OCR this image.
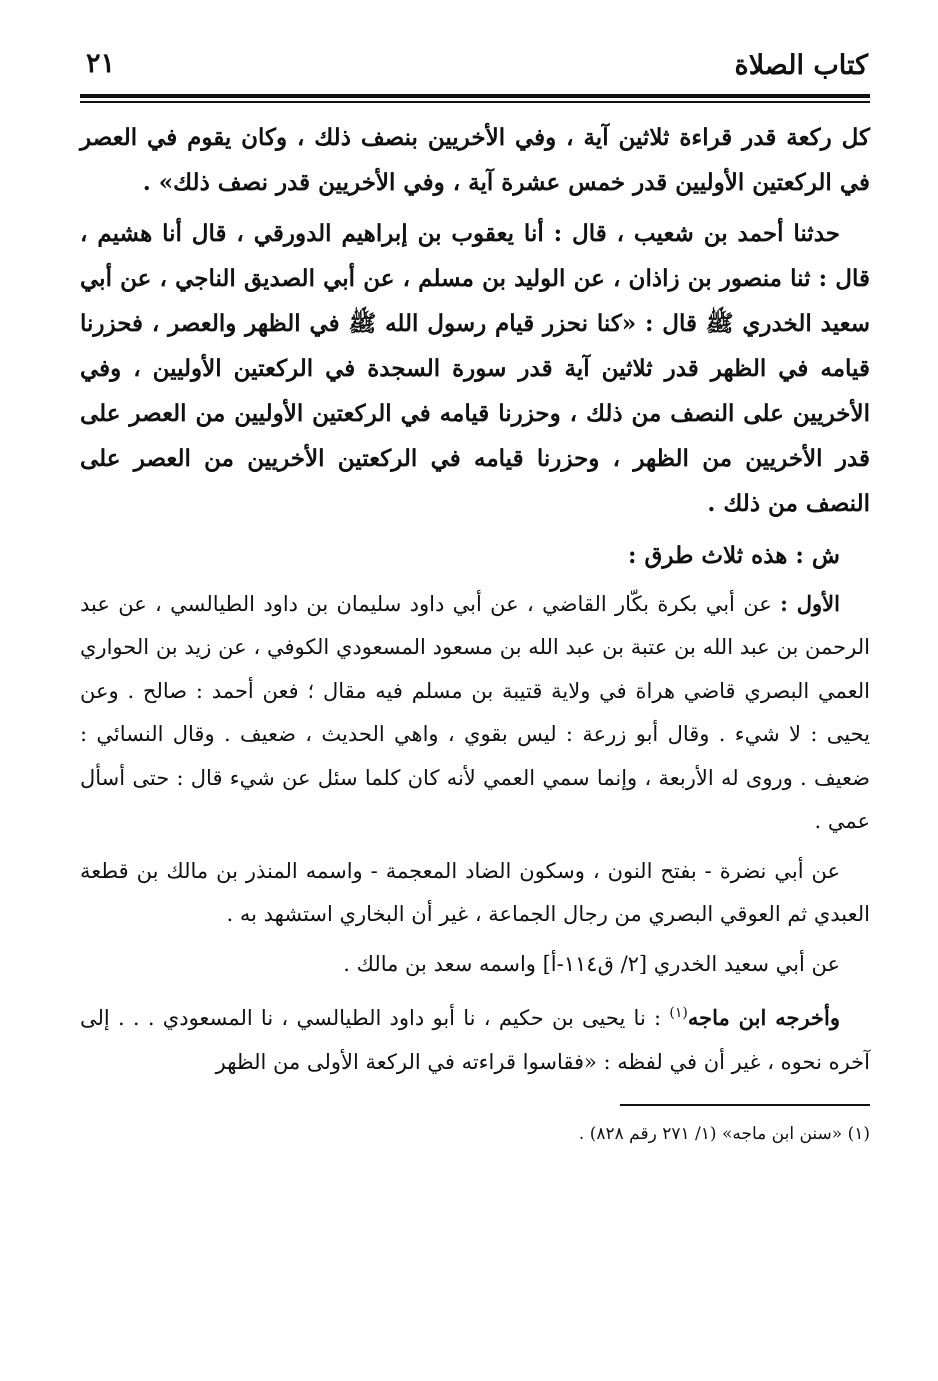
كتاب الصلاة
٢١

كل ركعة قدر قراءة ثلاثين آية ، وفي الأخريين بنصف ذلك ، وكان يقوم في العصر في الركعتين الأوليين قدر خمس عشرة آية ، وفي الأخريين قدر نصف ذلك» .

حدثنا أحمد بن شعيب ، قال : أنا يعقوب بن إبراهيم الدورقي ، قال أنا هشيم ، قال : ثنا منصور بن زاذان ، عن الوليد بن مسلم ، عن أبي الصديق الناجي ، عن أبي سعيد الخدري ﷺ قال : «كنا نحزر قيام رسول الله ﷺ في الظهر والعصر ، فحزرنا قيامه في الظهر قدر ثلاثين آية قدر سورة السجدة في الركعتين الأوليين ، وفي الأخريين على النصف من ذلك ، وحزرنا قيامه في الركعتين الأوليين من العصر على قدر الأخريين من الظهر ، وحزرنا قيامه في الركعتين الأخريين من العصر على النصف من ذلك .

ش : هذه ثلاث طرق :

الأول : عن أبي بكرة بكّار القاضي ، عن أبي داود سليمان بن داود الطيالسي ، عن عبد الرحمن بن عبد الله بن عتبة بن عبد الله بن مسعود المسعودي الكوفي ، عن زيد بن الحواري العمي البصري قاضي هراة في ولاية قتيبة بن مسلم فيه مقال ؛ فعن أحمد : صالح . وعن يحيى : لا شيء . وقال أبو زرعة : ليس بقوي ، واهي الحديث ، ضعيف . وقال النسائي : ضعيف . وروى له الأربعة ، وإنما سمي العمي لأنه كان كلما سئل عن شيء قال : حتى أسأل عمي .

عن أبي نضرة - بفتح النون ، وسكون الضاد المعجمة - واسمه المنذر بن مالك بن قطعة العبدي ثم العوقي البصري من رجال الجماعة ، غير أن البخاري استشهد به .

عن أبي سعيد الخدري [٢/ ق١١٤-أ] واسمه سعد بن مالك .

وأخرجه ابن ماجه$^{(١)}$ : نا يحيى بن حكيم ، نا أبو داود الطيالسي ، نا المسعودي . . . إلى آخره نحوه ، غير أن في لفظه : «فقاسوا قراءته في الركعة الأولى من الظهر

(١) «سنن ابن ماجه» (١/ ٢٧١ رقم ٨٢٨) .
